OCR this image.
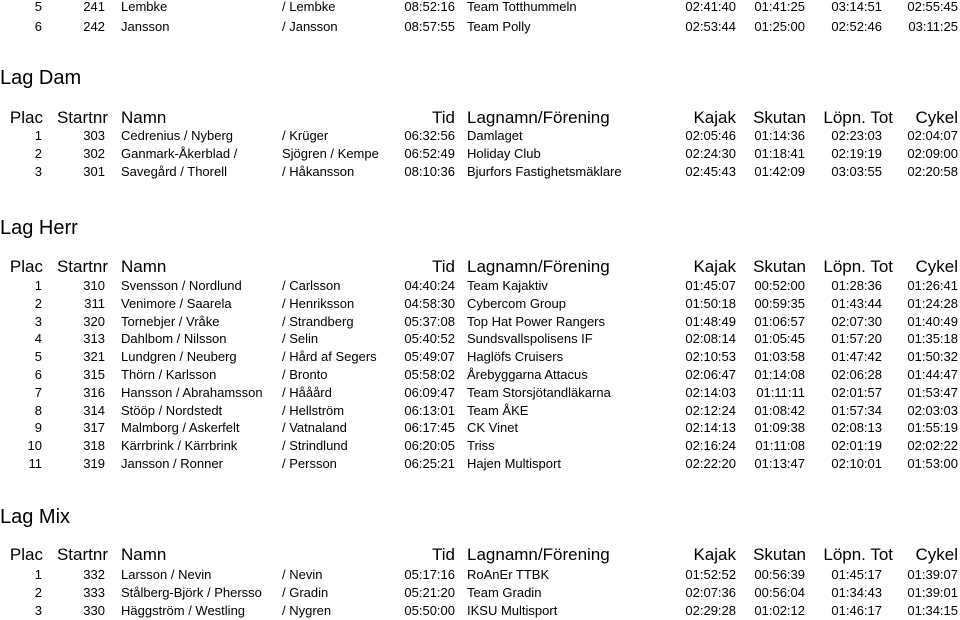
5	241 Lembke	/ Lembke	08:52:16 Team Totthummeln	02:41:40	01:41:25	03:14:51	02:55:45
6	242 Jansson	/ Jansson	08:57:55 Team Polly	02:53:44	01:25:00	02:52:46	03:11:25
Lag Dam
Plac Startnr Namn	Tid Lagnamn/Förening	Kajak	Skutan	Löpn. Tot	Cykel
1	303 Cedrenius / Nyberg	/ Krüger	06:32:56 Damlaget	02:05:46	01:14:36	02:23:03	02:04:07
2	302 Ganmark-Åkerblad /	Sjögren / Kempe	06:52:49 Holiday Club	02:24:30	01:18:41	02:19:19	02:09:00
3	301 Savegård / Thorell	/ Håkansson	08:10:36 Bjurfors Fastighetsmäklare	02:45:43	01:42:09	03:03:55	02:20:58
Lag Herr
Plac Startnr Namn	Tid Lagnamn/Förening	Kajak	Skutan	Löpn. Tot	Cykel
1	310 Svensson / Nordlund	/ Carlsson	04:40:24 Team Kajaktiv	01:45:07	00:52:00	01:28:36	01:26:41
2	311 Venimore / Saarela	/ Henriksson	04:58:30 Cybercom Group	01:50:18	00:59:35	01:43:44	01:24:28
3	320 Tornebjer / Vråke	/ Strandberg	05:37:08 Top Hat Power Rangers	01:48:49	01:06:57	02:07:30	01:40:49
4	313 Dahlbom / Nilsson	/ Selin	05:40:52 Sundsvallspolisens IF	02:08:14	01:05:45	01:57:20	01:35:18
5	321 Lundgren / Neuberg	/ Hård af Segers	05:49:07 Haglöfs Cruisers	02:10:53	01:03:58	01:47:42	01:50:32
6	315 Thörn / Karlsson	/ Bronto	05:58:02 Årebyggarna Attacus	02:06:47	01:14:08	02:06:28	01:44:47
7	316 Hansson / Abrahamsson / Hååård	06:09:47 Team Storsjötandläkarna	02:14:03	01:11:11	02:01:57	01:53:47
8	314 Stööp / Nordstedt	/ Hellström	06:13:01 Team ÅKE	02:12:24	01:08:42	01:57:34	02:03:03
9	317 Malmborg / Askerfelt	/ Vatnaland	06:17:45 CK Vinet	02:14:13	01:09:38	02:08:13	01:55:19
10	318 Kärrbrink / Kärrbrink	/ Strindlund	06:20:05 Triss	02:16:24	01:11:08	02:01:19	02:02:22
11	319 Jansson / Ronner	/ Persson	06:25:21 Hajen Multisport	02:22:20	01:13:47	02:10:01	01:53:00
Lag Mix
Plac Startnr Namn	Tid Lagnamn/Förening	Kajak	Skutan	Löpn. Tot	Cykel
1	332 Larsson / Nevin	/ Nevin	05:17:16 RoAnEr TTBK	01:52:52	00:56:39	01:45:17	01:39:07
2	333 Stålberg-Björk / Phersso / Gradin	05:21:20 Team Gradin	02:07:36	00:56:04	01:34:43	01:39:01
3	330 Häggström / Westling	/ Nygren	05:50:00 IKSU Multisport	02:29:28	01:02:12	01:46:17	01:34:15
